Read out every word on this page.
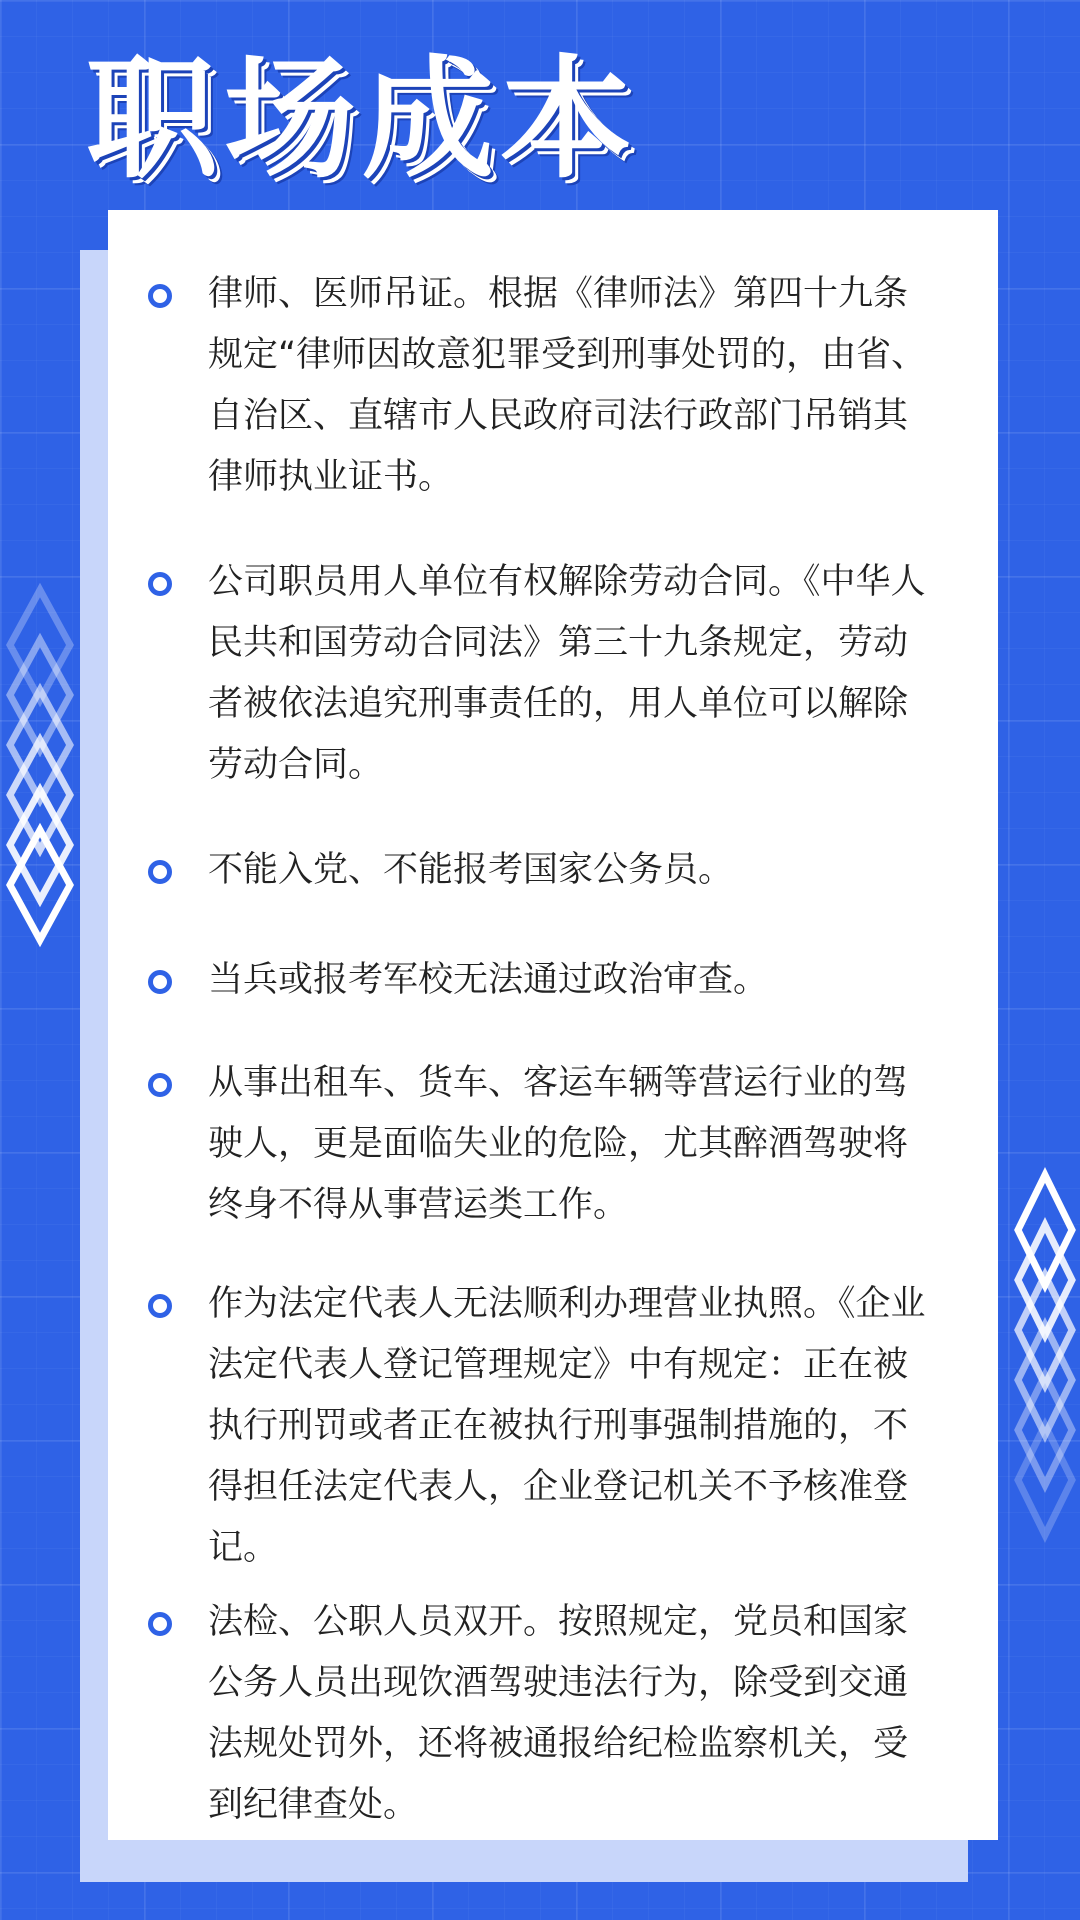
职场成本
律师、医师吊证。根据《律师法》第四十九条规定“律师因故意犯罪受到刑事处罚的，由省、自治区、直辖市人民政府司法行政部门吊销其律师执业证书。
公司职员用人单位有权解除劳动合同。《中华人民共和国劳动合同法》第三十九条规定，劳动者被依法追究刑事责任的，用人单位可以解除劳动合同。
不能入党、不能报考国家公务员。
当兵或报考军校无法通过政治审查。
从事出租车、货车、客运车辆等营运行业的驾驶人，更是面临失业的危险，尤其醉酒驾驶将终身不得从事营运类工作。
作为法定代表人无法顺利办理营业执照。《企业法定代表人登记管理规定》中有规定：正在被执行刑罚或者正在被执行刑事强制措施的，不得担任法定代表人，企业登记机关不予核准登记。
法检、公职人员双开。按照规定，党员和国家公务人员出现饮酒驾驶违法行为，除受到交通法规处罚外，还将被通报给纪检监察机关，受到纪律查处。
